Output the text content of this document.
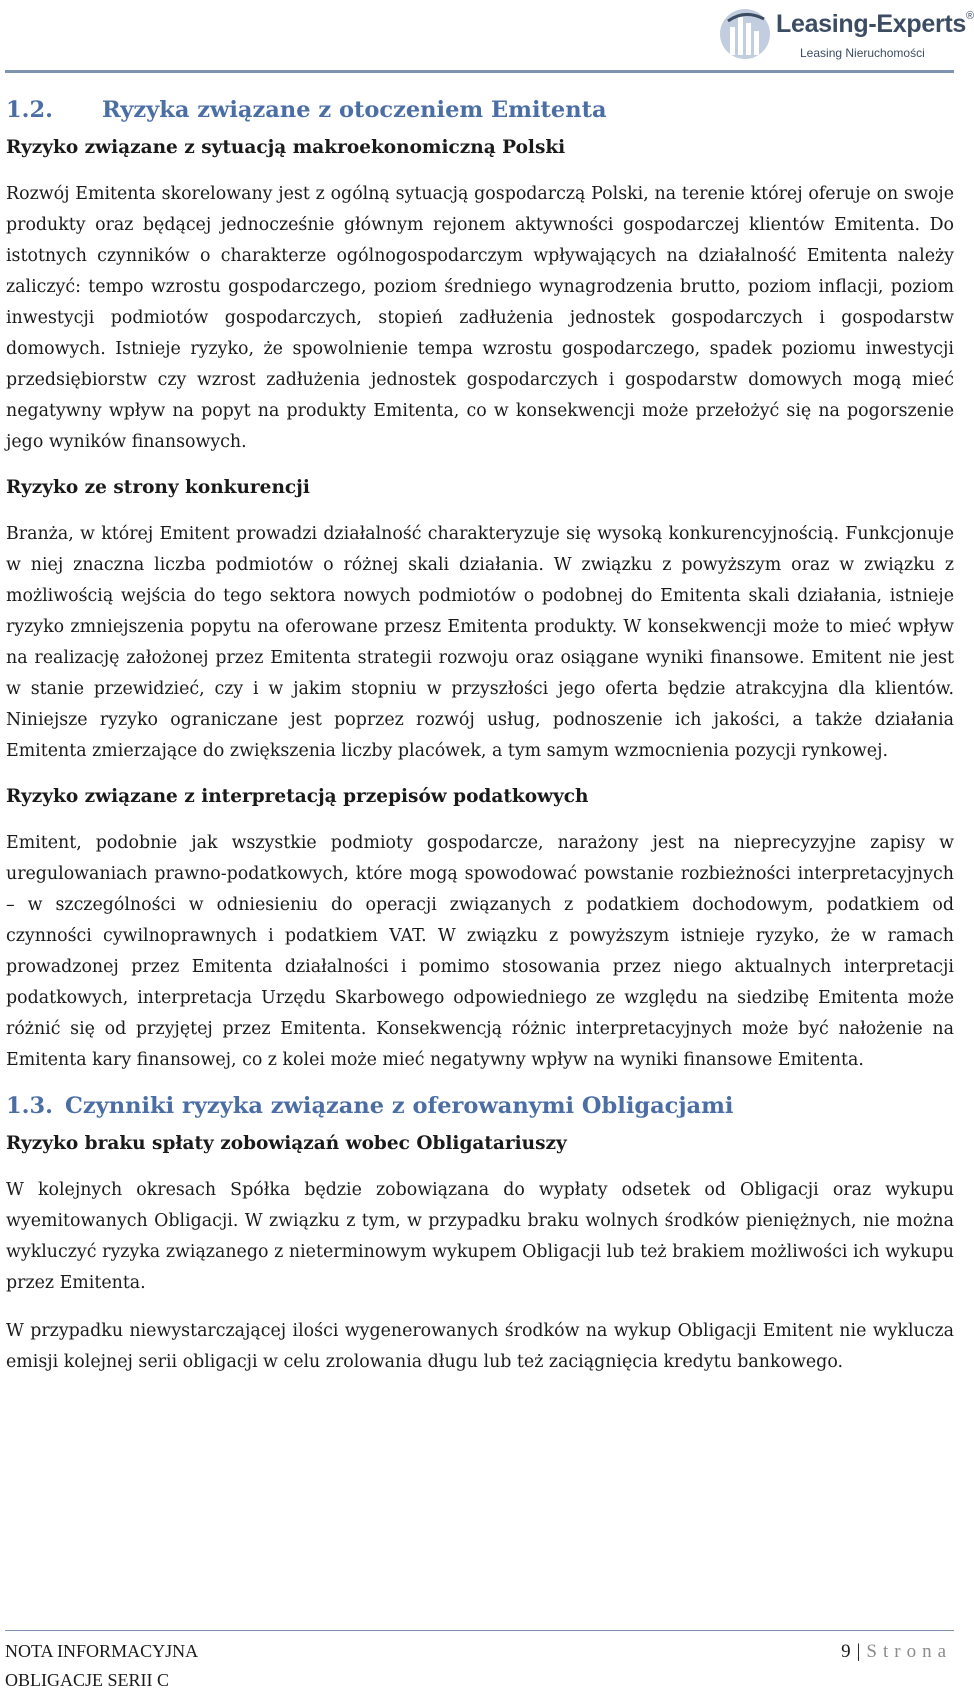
Leasing-Experts®
Leasing Nieruchomości
1.2. Ryzyka związane z otoczeniem Emitenta
Ryzyko związane z sytuacją makroekonomiczną Polski

Rozwój Emitenta skorelowany jest z ogólną sytuacją gospodarczą Polski, na terenie której oferuje on swoje produkty oraz będącej jednocześnie głównym rejonem aktywności gospodarczej klientów Emitenta. Do istotnych czynników o charakterze ogólnogospodarczym wpływających na działalność Emitenta należy zaliczyć: tempo wzrostu gospodarczego, poziom średniego wynagrodzenia brutto, poziom inflacji, poziom inwestycji podmiotów gospodarczych, stopień zadłużenia jednostek gospodarczych i gospodarstw domowych. Istnieje ryzyko, że spowolnienie tempa wzrostu gospodarczego, spadek poziomu inwestycji przedsiębiorstw czy wzrost zadłużenia jednostek gospodarczych i gospodarstw domowych mogą mieć negatywny wpływ na popyt na produkty Emitenta, co w konsekwencji może przełożyć się na pogorszenie jego wyników finansowych.

Ryzyko ze strony konkurencji

Branża, w której Emitent prowadzi działalność charakteryzuje się wysoką konkurencyjnością. Funkcjonuje w niej znaczna liczba podmiotów o różnej skali działania. W związku z powyższym oraz w związku z możliwością wejścia do tego sektora nowych podmiotów o podobnej do Emitenta skali działania, istnieje ryzyko zmniejszenia popytu na oferowane przesz Emitenta produkty. W konsekwencji może to mieć wpływ na realizację założonej przez Emitenta strategii rozwoju oraz osiągane wyniki finansowe. Emitent nie jest w stanie przewidzieć, czy i w jakim stopniu w przyszłości jego oferta będzie atrakcyjna dla klientów. Niniejsze ryzyko ograniczane jest poprzez rozwój usług, podnoszenie ich jakości, a także działania Emitenta zmierzające do zwiększenia liczby placówek, a tym samym wzmocnienia pozycji rynkowej.

Ryzyko związane z interpretacją przepisów podatkowych

Emitent, podobnie jak wszystkie podmioty gospodarcze, narażony jest na nieprecyzyjne zapisy w uregulowaniach prawno-podatkowych, które mogą spowodować powstanie rozbieżności interpretacyjnych – w szczególności w odniesieniu do operacji związanych z podatkiem dochodowym, podatkiem od czynności cywilnoprawnych i podatkiem VAT. W związku z powyższym istnieje ryzyko, że w ramach prowadzonej przez Emitenta działalności i pomimo stosowania przez niego aktualnych interpretacji podatkowych, interpretacja Urzędu Skarbowego odpowiedniego ze względu na siedzibę Emitenta może różnić się od przyjętej przez Emitenta. Konsekwencją różnic interpretacyjnych może być nałożenie na Emitenta kary finansowej, co z kolei może mieć negatywny wpływ na wyniki finansowe Emitenta.

1.3. Czynniki ryzyka związane z oferowanymi Obligacjami
Ryzyko braku spłaty zobowiązań wobec Obligatariuszy

W kolejnych okresach Spółka będzie zobowiązana do wypłaty odsetek od Obligacji oraz wykupu wyemitowanych Obligacji. W związku z tym, w przypadku braku wolnych środków pieniężnych, nie można wykluczyć ryzyka związanego z nieterminowym wykupem Obligacji lub też brakiem możliwości ich wykupu przez Emitenta.

W przypadku niewystarczającej ilości wygenerowanych środków na wykup Obligacji Emitent nie wyklucza emisji kolejnej serii obligacji w celu zrolowania długu lub też zaciągnięcia kredytu bankowego.

NOTA INFORMACYJNA
OBLIGACJE SERII C
9 | Strona
